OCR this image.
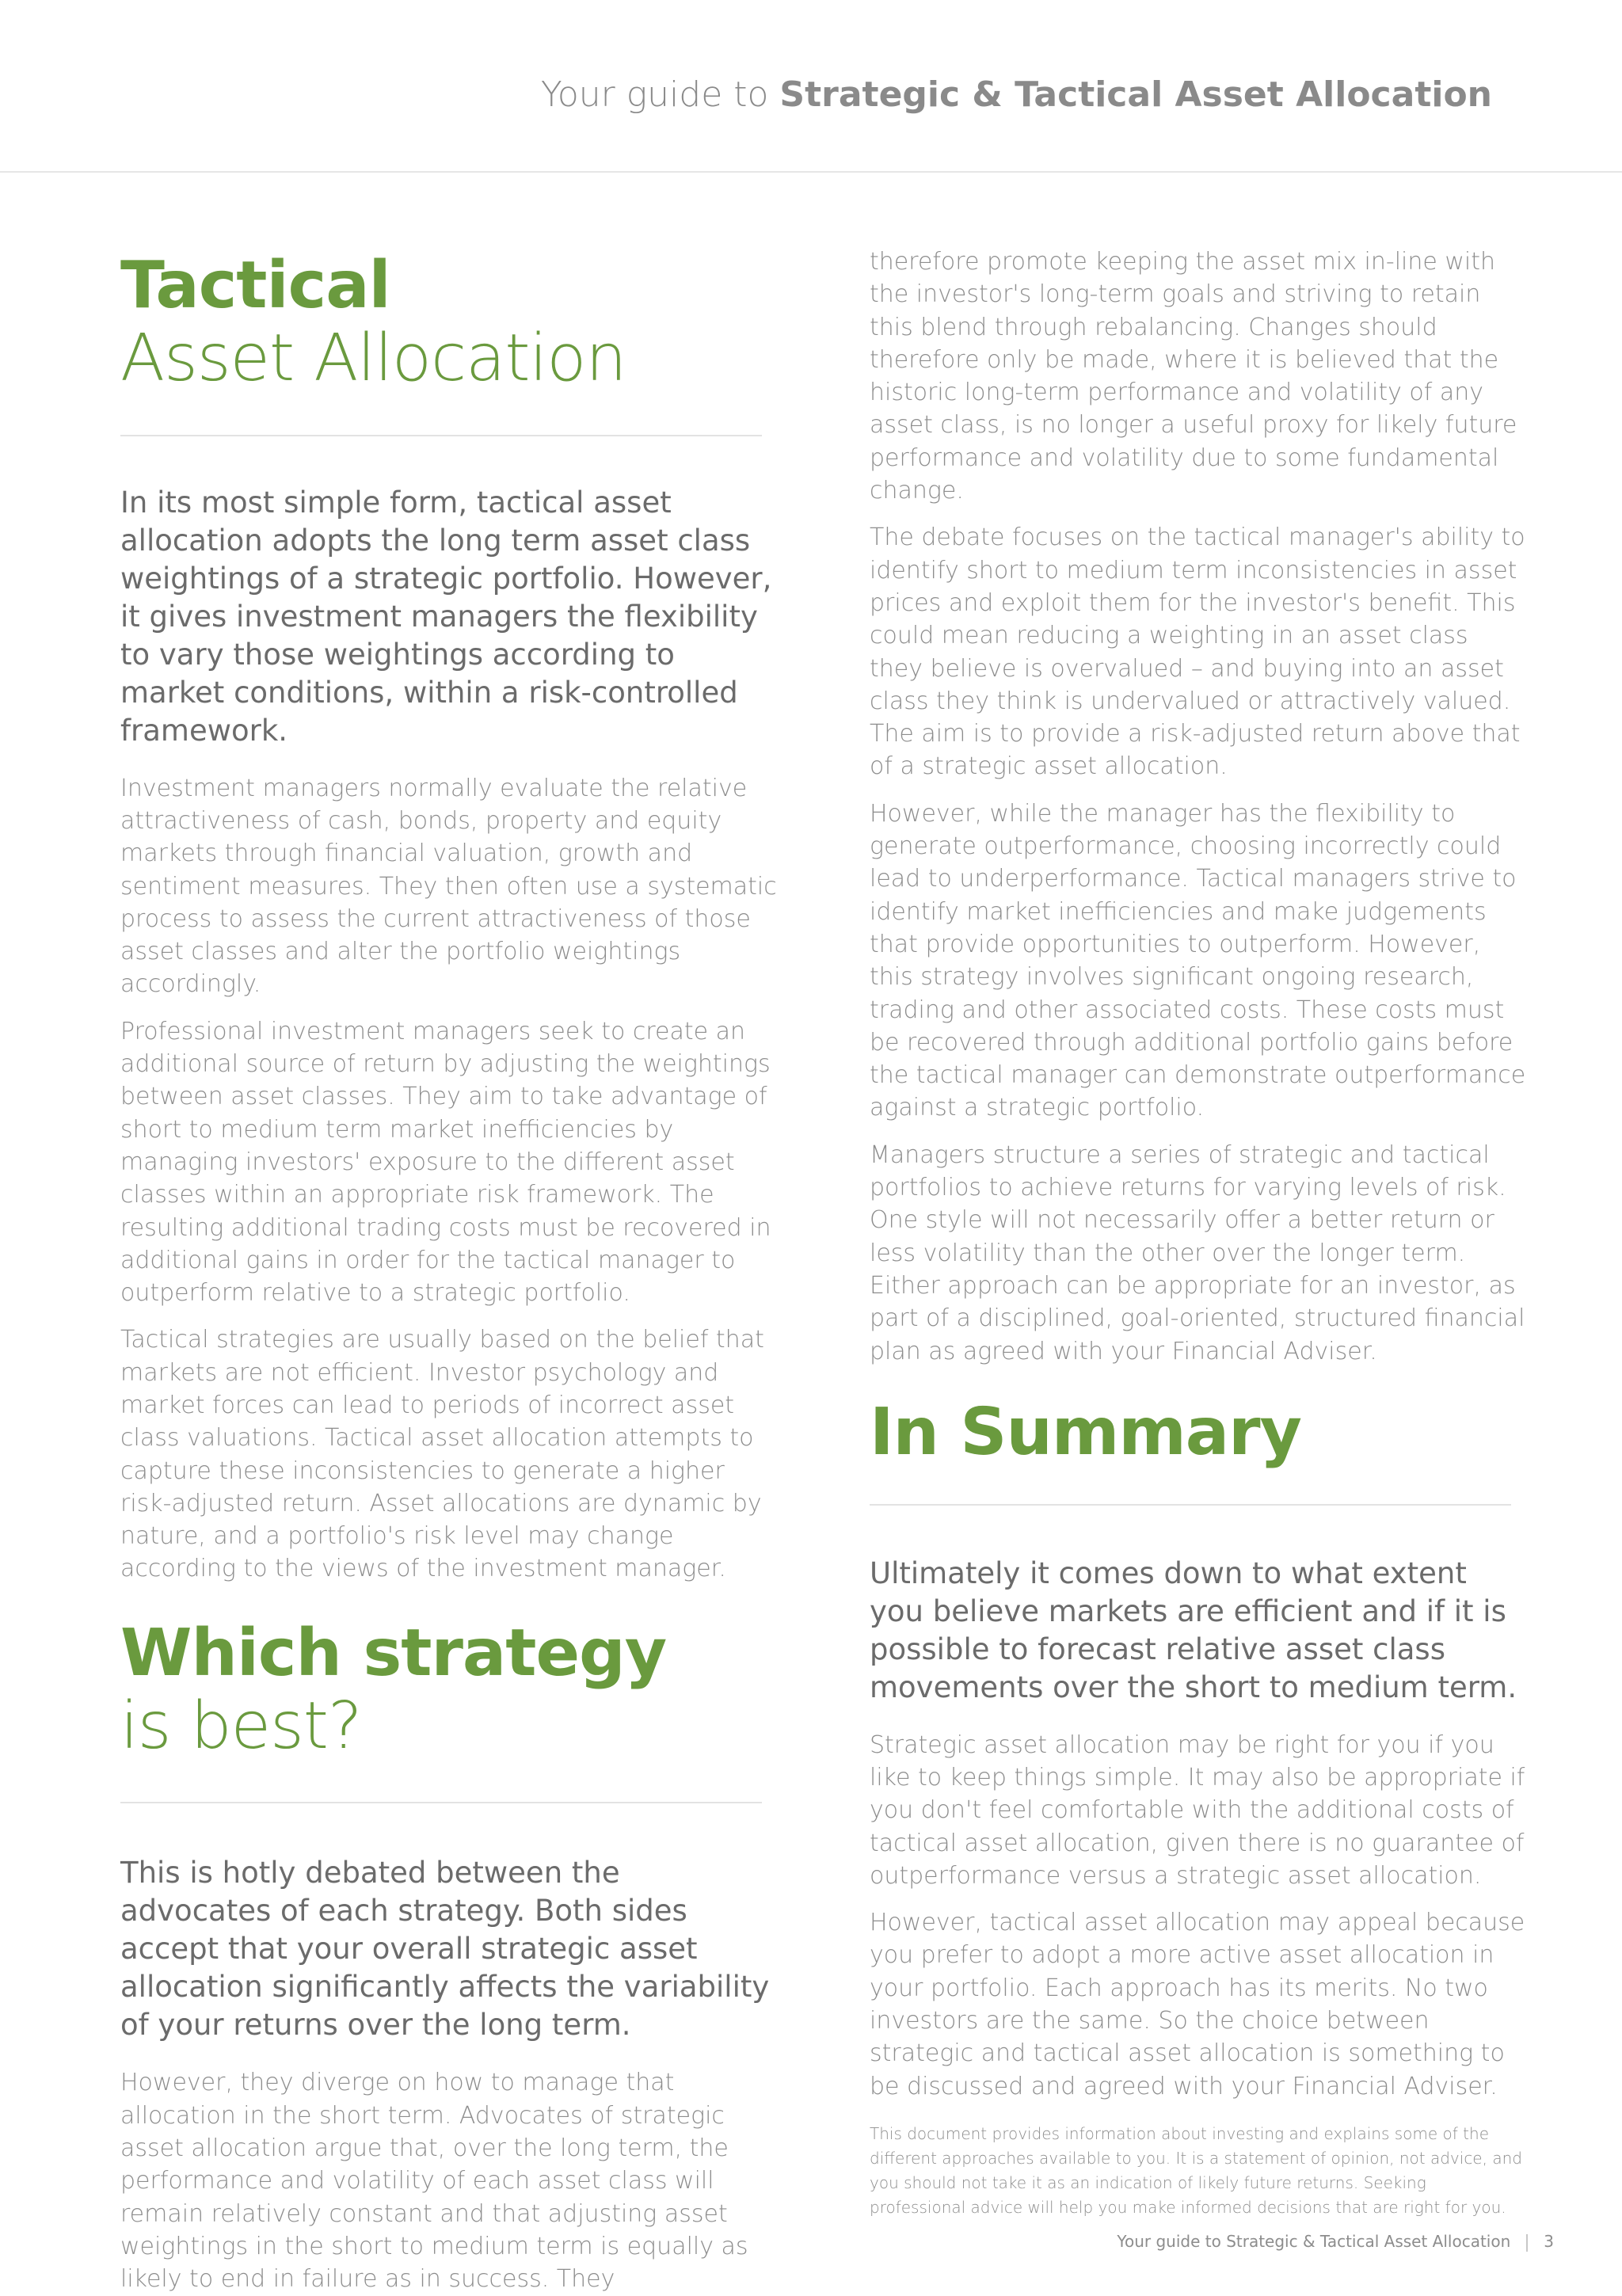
Your guide to Strategic & Tactical Asset Allocation
Tactical
Asset Allocation

In its most simple form, tactical asset allocation adopts the long term asset class weightings of a strategic portfolio. However, it gives investment managers the flexibility to vary those weightings according to market conditions, within a risk-controlled framework.

Investment managers normally evaluate the relative attractiveness of cash, bonds, property and equity markets through financial valuation, growth and sentiment measures. They then often use a systematic process to assess the current attractiveness of those asset classes and alter the portfolio weightings accordingly.

Professional investment managers seek to create an additional source of return by adjusting the weightings between asset classes. They aim to take advantage of short to medium term market inefficiencies by managing investors' exposure to the different asset classes within an appropriate risk framework. The resulting additional trading costs must be recovered in additional gains in order for the tactical manager to outperform relative to a strategic portfolio.

Tactical strategies are usually based on the belief that markets are not efficient. Investor psychology and market forces can lead to periods of incorrect asset class valuations. Tactical asset allocation attempts to capture these inconsistencies to generate a higher risk-adjusted return. Asset allocations are dynamic by nature, and a portfolio's risk level may change according to the views of the investment manager.

Which strategy
is best?

This is hotly debated between the advocates of each strategy. Both sides accept that your overall strategic asset allocation significantly affects the variability of your returns over the long term.

However, they diverge on how to manage that allocation in the short term. Advocates of strategic asset allocation argue that, over the long term, the performance and volatility of each asset class will remain relatively constant and that adjusting asset weightings in the short to medium term is equally as likely to end in failure as in success. They

therefore promote keeping the asset mix in-line with the investor's long-term goals and striving to retain this blend through rebalancing. Changes should therefore only be made, where it is believed that the historic long-term performance and volatility of any asset class, is no longer a useful proxy for likely future performance and volatility due to some fundamental change.

The debate focuses on the tactical manager's ability to identify short to medium term inconsistencies in asset prices and exploit them for the investor's benefit. This could mean reducing a weighting in an asset class they believe is overvalued – and buying into an asset class they think is undervalued or attractively valued. The aim is to provide a risk-adjusted return above that of a strategic asset allocation.

However, while the manager has the flexibility to generate outperformance, choosing incorrectly could lead to underperformance. Tactical managers strive to identify market inefficiencies and make judgements that provide opportunities to outperform. However, this strategy involves significant ongoing research, trading and other associated costs. These costs must be recovered through additional portfolio gains before the tactical manager can demonstrate outperformance against a strategic portfolio.

Managers structure a series of strategic and tactical portfolios to achieve returns for varying levels of risk. One style will not necessarily offer a better return or less volatility than the other over the longer term. Either approach can be appropriate for an investor, as part of a disciplined, goal-oriented, structured financial plan as agreed with your Financial Adviser.

In Summary

Ultimately it comes down to what extent you believe markets are efficient and if it is possible to forecast relative asset class movements over the short to medium term.

Strategic asset allocation may be right for you if you like to keep things simple. It may also be appropriate if you don't feel comfortable with the additional costs of tactical asset allocation, given there is no guarantee of outperformance versus a strategic asset allocation.

However, tactical asset allocation may appeal because you prefer to adopt a more active asset allocation in your portfolio. Each approach has its merits. No two investors are the same. So the choice between strategic and tactical asset allocation is something to be discussed and agreed with your Financial Adviser.

This document provides information about investing and explains some of the different approaches available to you. It is a statement of opinion, not advice, and you should not take it as an indication of likely future returns. Seeking professional advice will help you make informed decisions that are right for you.

Your guide to Strategic & Tactical Asset Allocation 3
